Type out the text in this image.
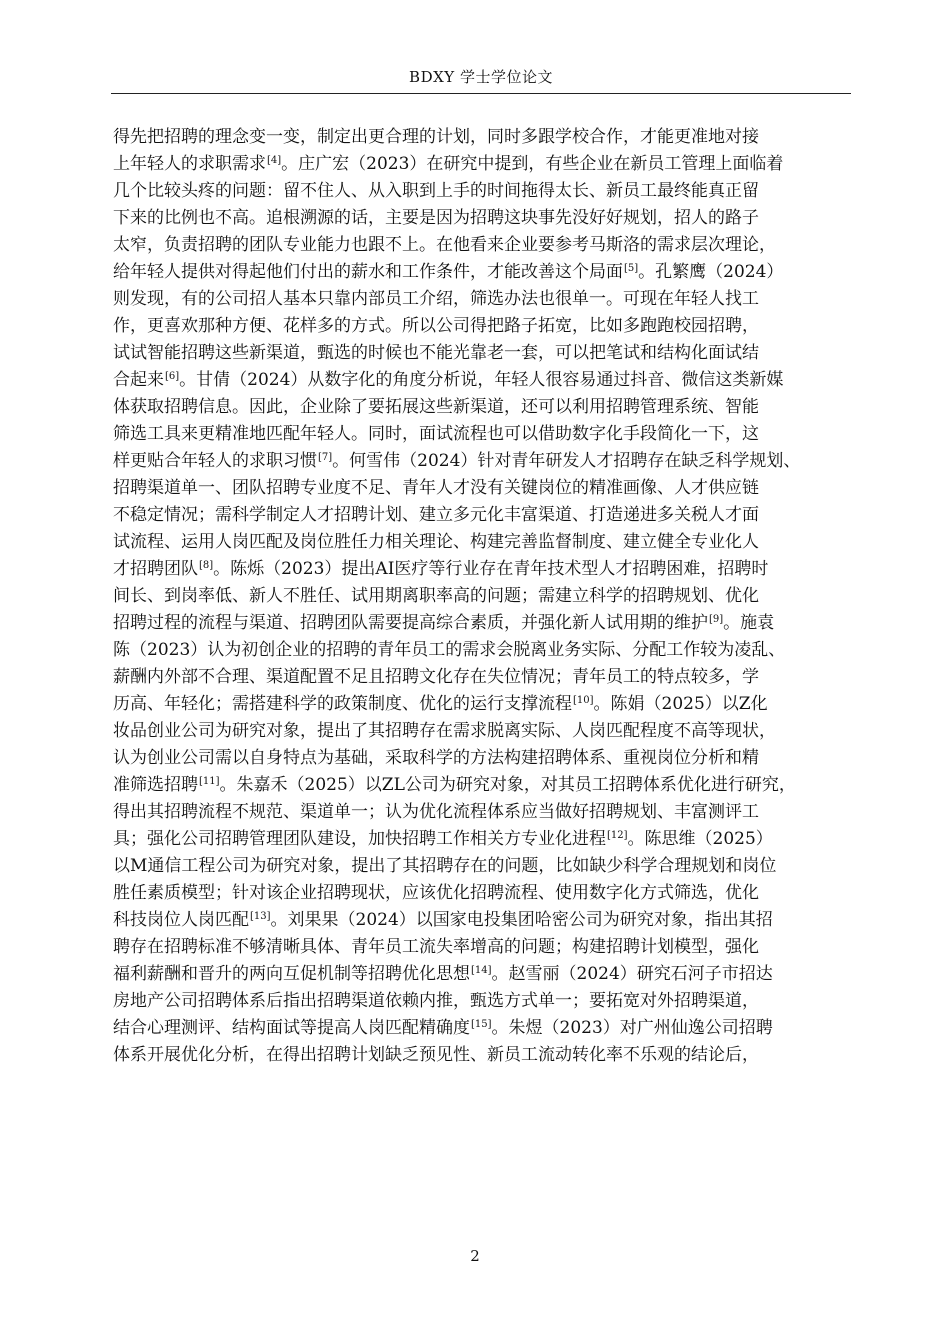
BDXY 学士学位论文
得先把招聘的理念变一变，制定出更合理的计划，同时多跟学校合作，才能更准地对接
上年轻人的求职需求[4]。庄广宏（2023）在研究中提到，有些企业在新员工管理上面临着
几个比较头疼的问题：留不住人、从入职到上手的时间拖得太长、新员工最终能真正留
下来的比例也不高。追根溯源的话，主要是因为招聘这块事先没好好规划，招人的路子
太窄，负责招聘的团队专业能力也跟不上。在他看来企业要参考马斯洛的需求层次理论，
给年轻人提供对得起他们付出的薪水和工作条件，才能改善这个局面[5]。孔繁鹰（2024）
则发现，有的公司招人基本只靠内部员工介绍，筛选办法也很单一。可现在年轻人找工
作，更喜欢那种方便、花样多的方式。所以公司得把路子拓宽，比如多跑跑校园招聘，
试试智能招聘这些新渠道，甄选的时候也不能光靠老一套，可以把笔试和结构化面试结
合起来[6]。甘倩（2024）从数字化的角度分析说，年轻人很容易通过抖音、微信这类新媒
体获取招聘信息。因此，企业除了要拓展这些新渠道，还可以利用招聘管理系统、智能
筛选工具来更精准地匹配年轻人。同时，面试流程也可以借助数字化手段简化一下，这
样更贴合年轻人的求职习惯[7]。何雪伟（2024）针对青年研发人才招聘存在缺乏科学规划、
招聘渠道单一、团队招聘专业度不足、青年人才没有关键岗位的精准画像、人才供应链
不稳定情况；需科学制定人才招聘计划、建立多元化丰富渠道、打造递进多关税人才面
试流程、运用人岗匹配及岗位胜任力相关理论、构建完善监督制度、建立健全专业化人
才招聘团队[8]。陈烁（2023）提出AI医疗等行业存在青年技术型人才招聘困难，招聘时
间长、到岗率低、新人不胜任、试用期离职率高的问题；需建立科学的招聘规划、优化
招聘过程的流程与渠道、招聘团队需要提高综合素质，并强化新人试用期的维护[9]。施袁
陈（2023）认为初创企业的招聘的青年员工的需求会脱离业务实际、分配工作较为凌乱、
薪酬内外部不合理、渠道配置不足且招聘文化存在失位情况；青年员工的特点较多，学
历高、年轻化；需搭建科学的政策制度、优化的运行支撑流程[10]。陈娟（2025）以Z化
妆品创业公司为研究对象，提出了其招聘存在需求脱离实际、人岗匹配程度不高等现状，
认为创业公司需以自身特点为基础，采取科学的方法构建招聘体系、重视岗位分析和精
准筛选招聘[11]。朱嘉禾（2025）以ZL公司为研究对象，对其员工招聘体系优化进行研究，
得出其招聘流程不规范、渠道单一；认为优化流程体系应当做好招聘规划、丰富测评工
具；强化公司招聘管理团队建设，加快招聘工作相关方专业化进程[12]。陈思维（2025）
以M通信工程公司为研究对象，提出了其招聘存在的问题，比如缺少科学合理规划和岗位
胜任素质模型；针对该企业招聘现状，应该优化招聘流程、使用数字化方式筛选，优化
科技岗位人岗匹配[13]。刘果果（2024）以国家电投集团哈密公司为研究对象，指出其招
聘存在招聘标准不够清晰具体、青年员工流失率增高的问题；构建招聘计划模型，强化
福利薪酬和晋升的两向互促机制等招聘优化思想[14]。赵雪丽（2024）研究石河子市招达
房地产公司招聘体系后指出招聘渠道依赖内推，甄选方式单一；要拓宽对外招聘渠道，
结合心理测评、结构面试等提高人岗匹配精确度[15]。朱煜（2023）对广州仙逸公司招聘
体系开展优化分析，在得出招聘计划缺乏预见性、新员工流动转化率不乐观的结论后，
2
